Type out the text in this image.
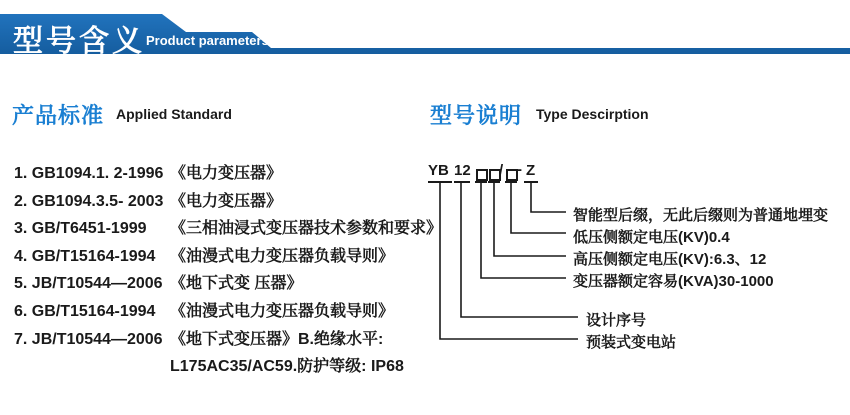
型号含义 Product parameters
产品标准 Applied Standard
1. GB1094.1. 2-1996 《电力变压器》
2. GB1094.3.5- 2003 《电力变压器》
3. GB/T6451-1999	《三相油浸式变压器技术参数和要求》
4. GB/T15164-1994 《油漫式电力变压器负载导则》
5. JB/T10544—2006 《地下式变 压器》
6. GB/T15164-1994 《油漫式电力变压器负载导则》
7. JB/T10544—2006 《地下式变压器》B.绝缘水平:
L175AC35/AC59.防护等级: IP68
型号说明 Type Descirption
YB 12 / - Z
智能型后缀，无此后缀则为普通地埋变
低压侧额定电压(KV)0.4
高压侧额定电压(KV):6.3、12
变压器额定容易(KVA)30-1000
设计序号
预装式变电站
